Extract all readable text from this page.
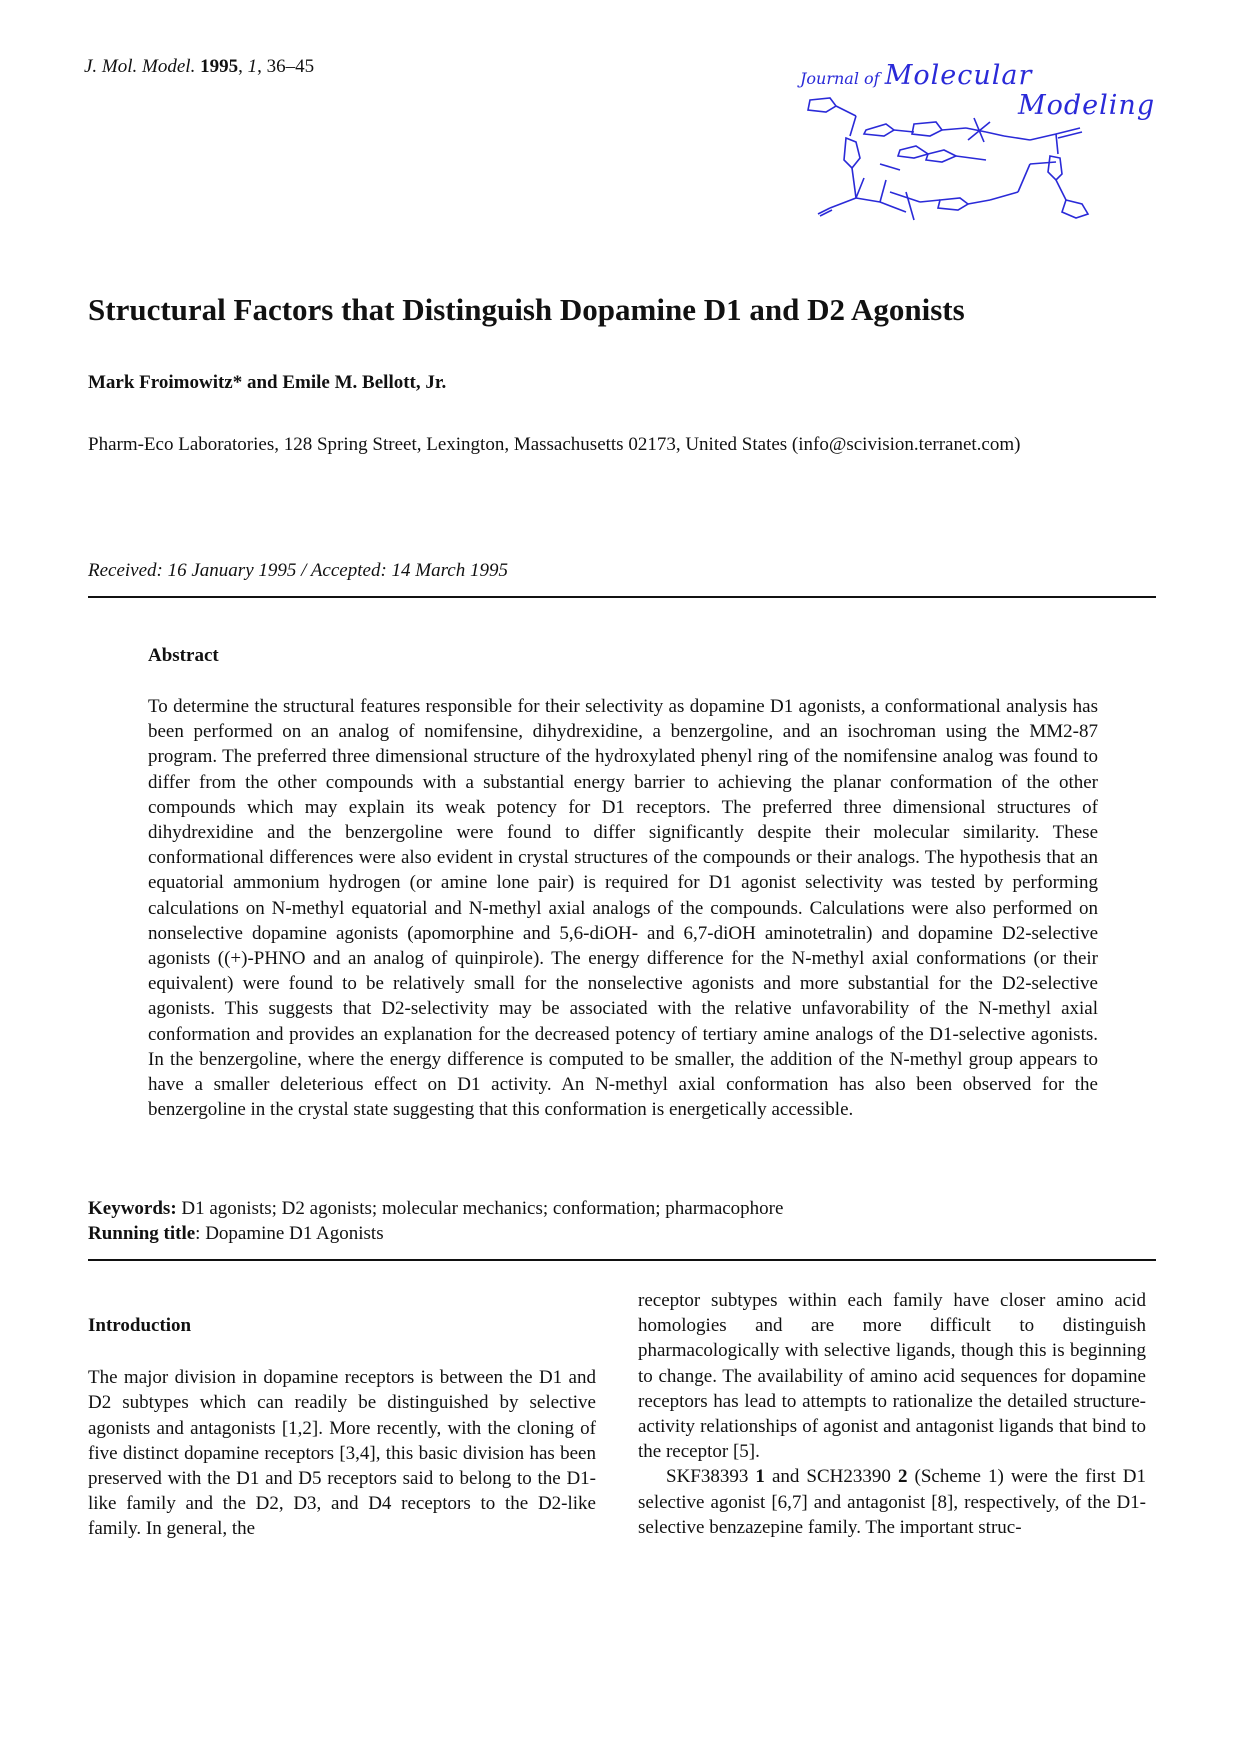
J. Mol. Model. 1995, 1, 36–45
Journal of Molecular
Modeling
Structural Factors that Distinguish Dopamine D1 and D2 Agonists
Mark Froimowitz* and Emile M. Bellott, Jr.
Pharm-Eco Laboratories, 128 Spring Street, Lexington, Massachusetts 02173, United States (info@scivision.terranet.com)
Received: 16 January 1995 / Accepted: 14 March 1995
Abstract

To determine the structural features responsible for their selectivity as dopamine D1 agonists, a conformational analysis has been performed on an analog of nomifensine, dihydrexidine, a benzergoline, and an isochroman using the MM2-87 program. The preferred three dimensional structure of the hydroxylated phenyl ring of the nomifensine analog was found to differ from the other compounds with a substantial energy barrier to achieving the planar conformation of the other compounds which may explain its weak potency for D1 receptors. The preferred three dimensional structures of dihydrexidine and the benzergoline were found to differ significantly despite their molecular similarity. These conformational differences were also evident in crystal structures of the compounds or their analogs. The hypothesis that an equatorial ammonium hydrogen (or amine lone pair) is required for D1 agonist selectivity was tested by performing calculations on N-methyl equatorial and N-methyl axial analogs of the compounds. Calculations were also performed on nonselective dopamine agonists (apomorphine and 5,6-diOH- and 6,7-diOH aminotetralin) and dopamine D2-selective agonists ((+)-PHNO and an analog of quinpirole). The energy difference for the N-methyl axial conformations (or their equivalent) were found to be relatively small for the nonselective agonists and more substantial for the D2-selective agonists. This suggests that D2-selectivity may be associated with the relative unfavorability of the N-methyl axial conformation and provides an explanation for the decreased potency of tertiary amine analogs of the D1-selective agonists. In the benzergoline, where the energy difference is computed to be smaller, the addition of the N-methyl group appears to have a smaller deleterious effect on D1 activity. An N-methyl axial conformation has also been observed for the benzergoline in the crystal state suggesting that this conformation is energetically accessible.

Keywords: D1 agonists; D2 agonists; molecular mechanics; conformation; pharmacophore
Running title: Dopamine D1 Agonists
Introduction

The major division in dopamine receptors is between the D1 and D2 subtypes which can readily be distinguished by selective agonists and antagonists [1,2]. More recently, with the cloning of five distinct dopamine receptors [3,4], this basic division has been preserved with the D1 and D5 receptors said to belong to the D1-like family and the D2, D3, and D4 receptors to the D2-like family. In general, the

receptor subtypes within each family have closer amino acid homologies and are more difficult to distinguish pharmacologically with selective ligands, though this is beginning to change. The availability of amino acid sequences for dopamine receptors has lead to attempts to rationalize the detailed structure-activity relationships of agonist and antagonist ligands that bind to the receptor [5].

SKF38393 1 and SCH23390 2 (Scheme 1) were the first D1 selective agonist [6,7] and antagonist [8], respectively, of the D1-selective benzazepine family. The important struc-
